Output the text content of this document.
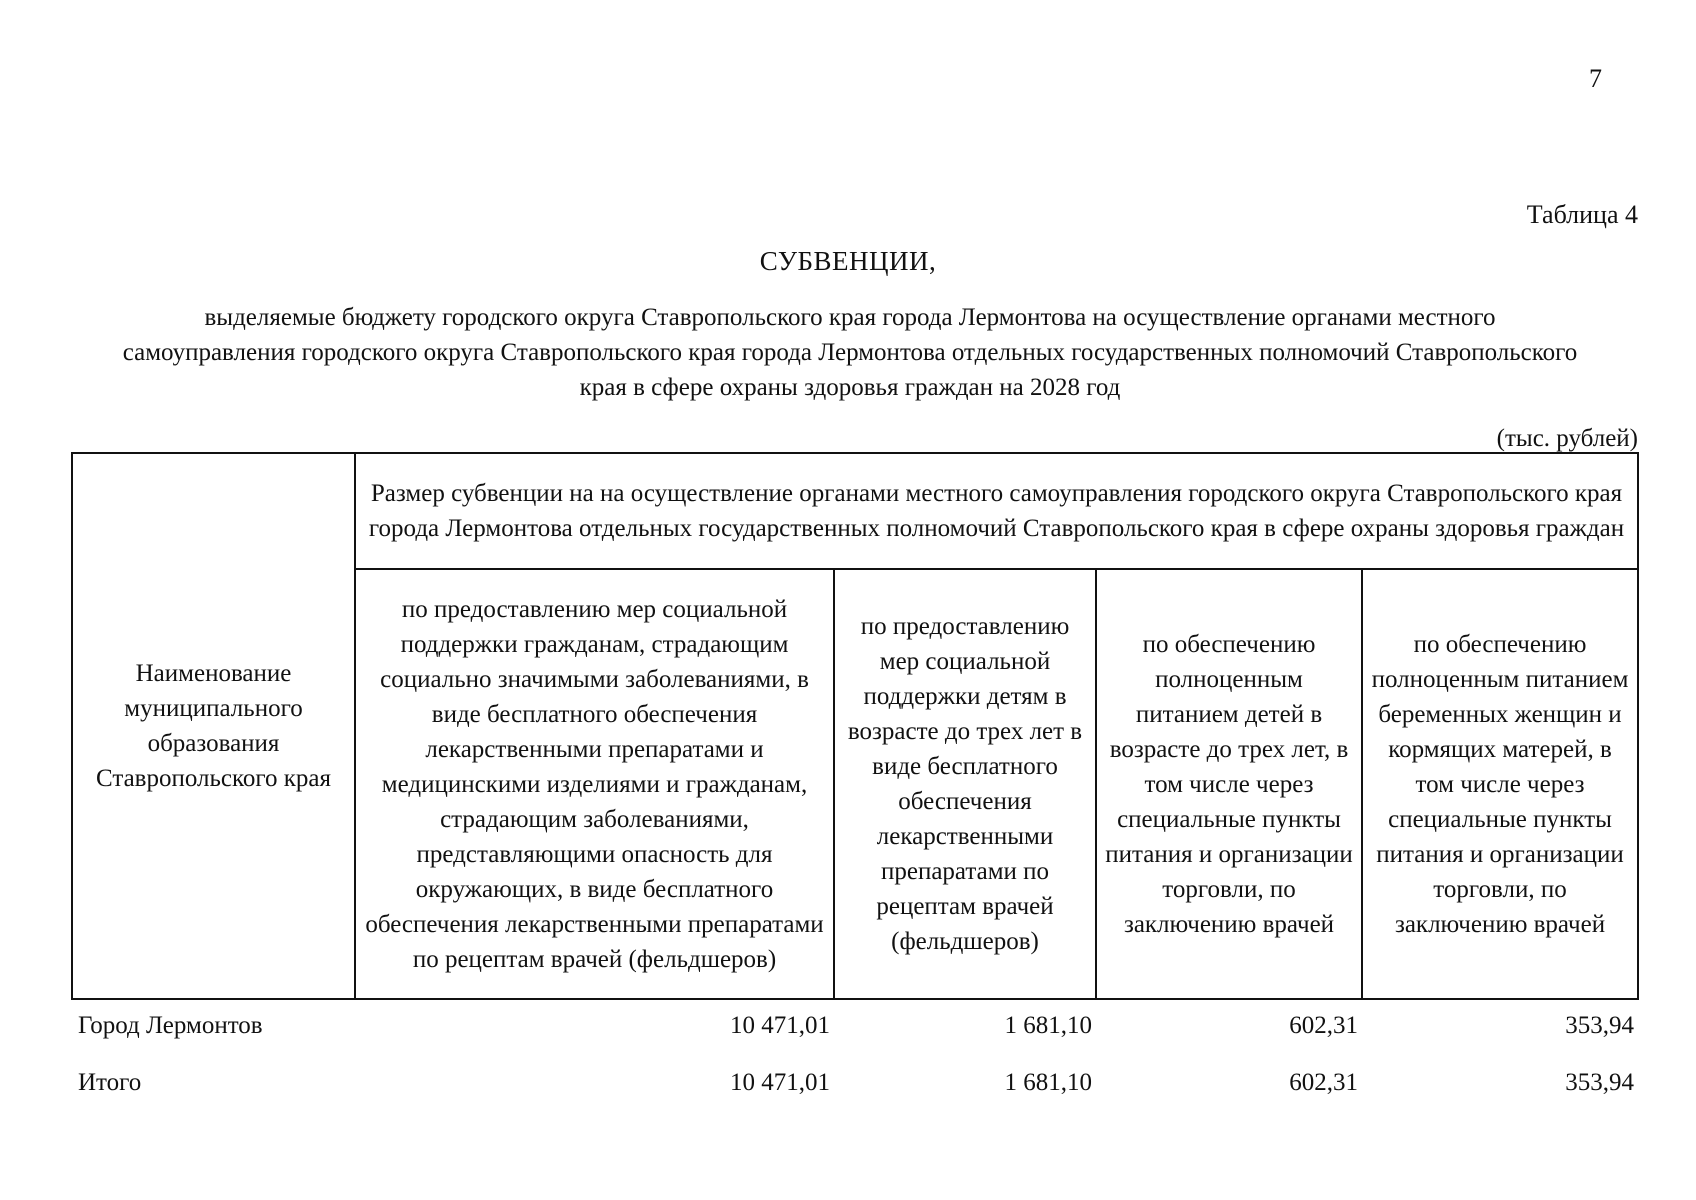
7
Таблица 4
СУБВЕНЦИИ,
выделяемые бюджету городского округа Ставропольского края города Лермонтова на осуществление органами местного самоуправления городского округа Ставропольского края города Лермонтова отдельных государственных полномочий Ставропольского края в сфере охраны здоровья граждан на 2028 год
(тыс. рублей)
Наименование муниципального образования Ставропольского края	Размер субвенции на на осуществление органами местного самоуправления городского округа Ставропольского края города Лермонтова отдельных государственных полномочий Ставропольского края в сфере охраны здоровья граждан			
	по предоставлению мер социальной поддержки гражданам, страдающим социально значимыми заболеваниями, в виде бесплатного обеспечения лекарственными препаратами и медицинскими изделиями и гражданам, страдающим заболеваниями, представляющими опасность для окружающих, в виде бесплатного обеспечения лекарственными препаратами по рецептам врачей (фельдшеров)	по предоставлению мер социальной поддержки детям в возрасте до трех лет в виде бесплатного обеспечения лекарственными препаратами по рецептам врачей (фельдшеров)	по обеспечению полноценным питанием детей в возрасте до трех лет, в том числе через специальные пункты питания и организации торговли, по заключению врачей	по обеспечению полноценным питанием беременных женщин и кормящих матерей, в том числе через специальные пункты питания и организации торговли, по заключению врачей

Город Лермонтов	10 471,01	1 681,10	602,31	353,94
Итого	10 471,01	1 681,10	602,31	353,94
